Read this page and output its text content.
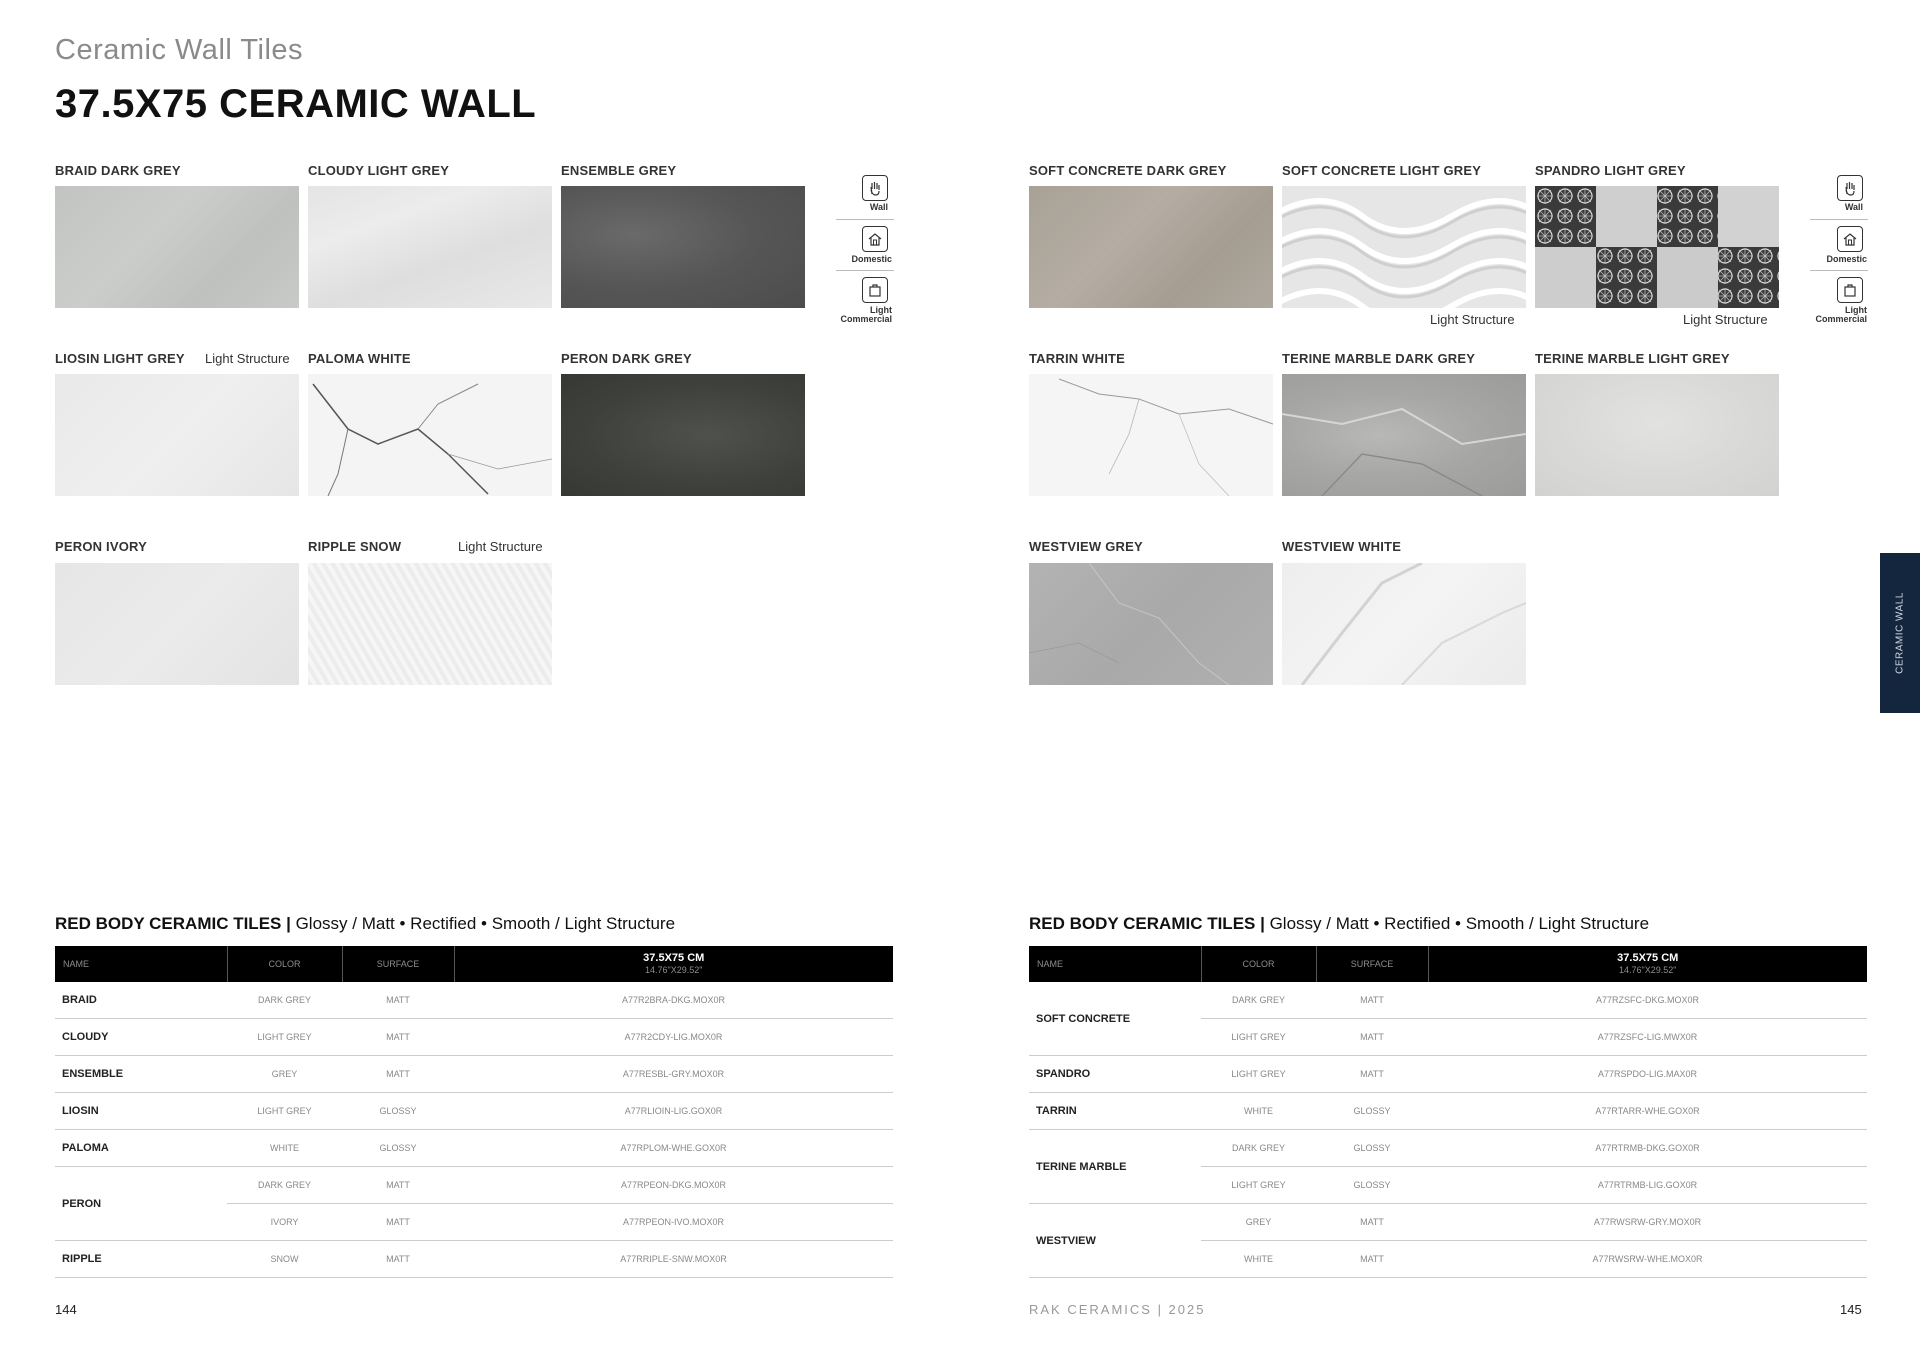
Ceramic Wall Tiles
37.5X75 CERAMIC WALL
BRAID DARK GREY	CLOUDY LIGHT GREY	ENSEMBLE GREY
LIOSIN LIGHT GREY Light Structure PALOMA WHITE	PERON DARK GREY
PERON IVORY	RIPPLE SNOW	Light Structure
Wall
Domestic
Light
Commercial
SOFT CONCRETE DARK GREY	SOFT CONCRETE LIGHT GREY
Light Structure
SPANDRO LIGHT GREY
Light Structure
TARRIN WHITE	TERINE MARBLE DARK GREY	TERINE MARBLE LIGHT GREY
WESTVIEW GREY	WESTVIEW WHITE
Wall
Domestic
Light
Commercial
CERAMIC WALL
RED BODY CERAMIC TILES | Glossy / Matt • Rectified • Smooth / Light Structure
NAME	COLOR	SURFACE	37.5X75 CM
14.76"X29.52"

BRAID	DARK GREY	MATT	A77R2BRA-DKG.MOX0R
CLOUDY	LIGHT GREY	MATT	A77R2CDY-LIG.MOX0R
ENSEMBLE	GREY	MATT	A77RESBL-GRY.MOX0R
LIOSIN	LIGHT GREY	GLOSSY	A77RLIOIN-LIG.GOX0R
PALOMA	WHITE	GLOSSY	A77RPLOM-WHE.GOX0R
PERON	DARK GREY	MATT	A77RPEON-DKG.MOX0R
	IVORY	MATT	A77RPEON-IVO.MOX0R
RIPPLE	SNOW	MATT	A77RRIPLE-SNW.MOX0R
RED BODY CERAMIC TILES | Glossy / Matt • Rectified • Smooth / Light Structure
NAME	COLOR	SURFACE	37.5X75 CM
14.76"X29.52"

SOFT CONCRETE	DARK GREY	MATT	A77RZSFC-DKG.MOX0R
	LIGHT GREY	MATT	A77RZSFC-LIG.MWX0R
SPANDRO	LIGHT GREY	MATT	A77RSPDO-LIG.MAX0R
TARRIN	WHITE	GLOSSY	A77RTARR-WHE.GOX0R
TERINE MARBLE	DARK GREY	GLOSSY	A77RTRMB-DKG.GOX0R
	LIGHT GREY	GLOSSY	A77RTRMB-LIG.GOX0R
WESTVIEW	GREY	MATT	A77RWSRW-GRY.MOX0R
	WHITE	MATT	A77RWSRW-WHE.MOX0R
144	RAK CERAMICS | 2025	145
